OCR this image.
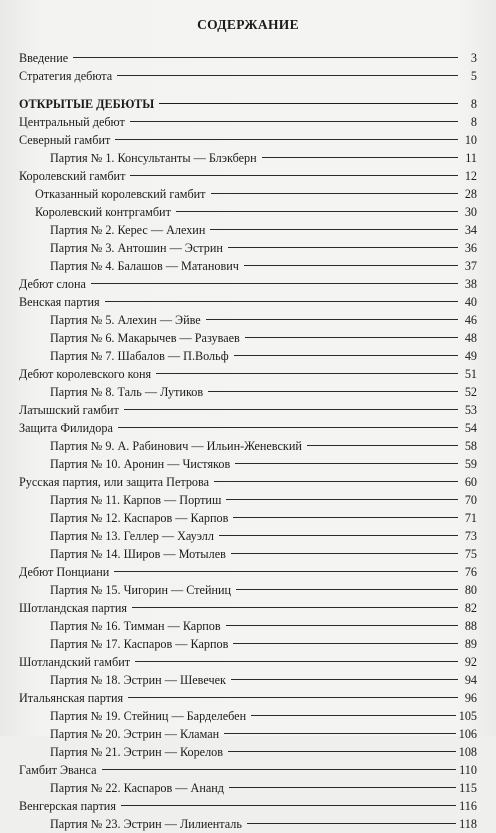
СОДЕРЖАНИЕ
Введение	3
Стратегия дебюта	5
ОТКРЫТЫЕ ДЕБЮТЫ	8
Центральный дебют	8
Северный гамбит	10
Партия № 1. Консультанты — Блэкберн	11
Королевский гамбит	12
Отказанный королевский гамбит	28
Королевский контргамбит	30
Партия № 2. Керес — Алехин	34
Партия № 3. Антошин — Эстрин	36
Партия № 4. Балашов — Матанович	37
Дебют слона	38
Венская партия	40
Партия № 5. Алехин — Эйве	46
Партия № 6. Макарычев — Разуваев	48
Партия № 7. Шабалов — П.Вольф	49
Дебют королевского коня	51
Партия № 8. Таль — Лутиков	52
Латышский гамбит	53
Защита Филидора	54
Партия № 9. А. Рабинович — Ильин-Женевский	58
Партия № 10. Аронин — Чистяков	59
Русская партия, или защита Петрова	60
Партия № 11. Карпов — Портиш	70
Партия № 12. Каспаров — Карпов	71
Партия № 13. Геллер — Хауэлл	73
Партия № 14. Широв — Мотылев	75
Дебют Понциани	76
Партия № 15. Чигорин — Стейниц	80
Шотландская партия	82
Партия № 16. Тимман — Карпов	88
Партия № 17. Каспаров — Карпов	89
Шотландский гамбит	92
Партия № 18. Эстрин — Шевечек	94
Итальянская партия	96
Партия № 19. Стейниц — Барделебен	105
Партия № 20. Эстрин — Кламан	106
Партия № 21. Эстрин — Корелов	108
Гамбит Эванса	110
Партия № 22. Каспаров — Ананд	115
Венгерская партия	116
Партия № 23. Эстрин — Лилиенталь	118
